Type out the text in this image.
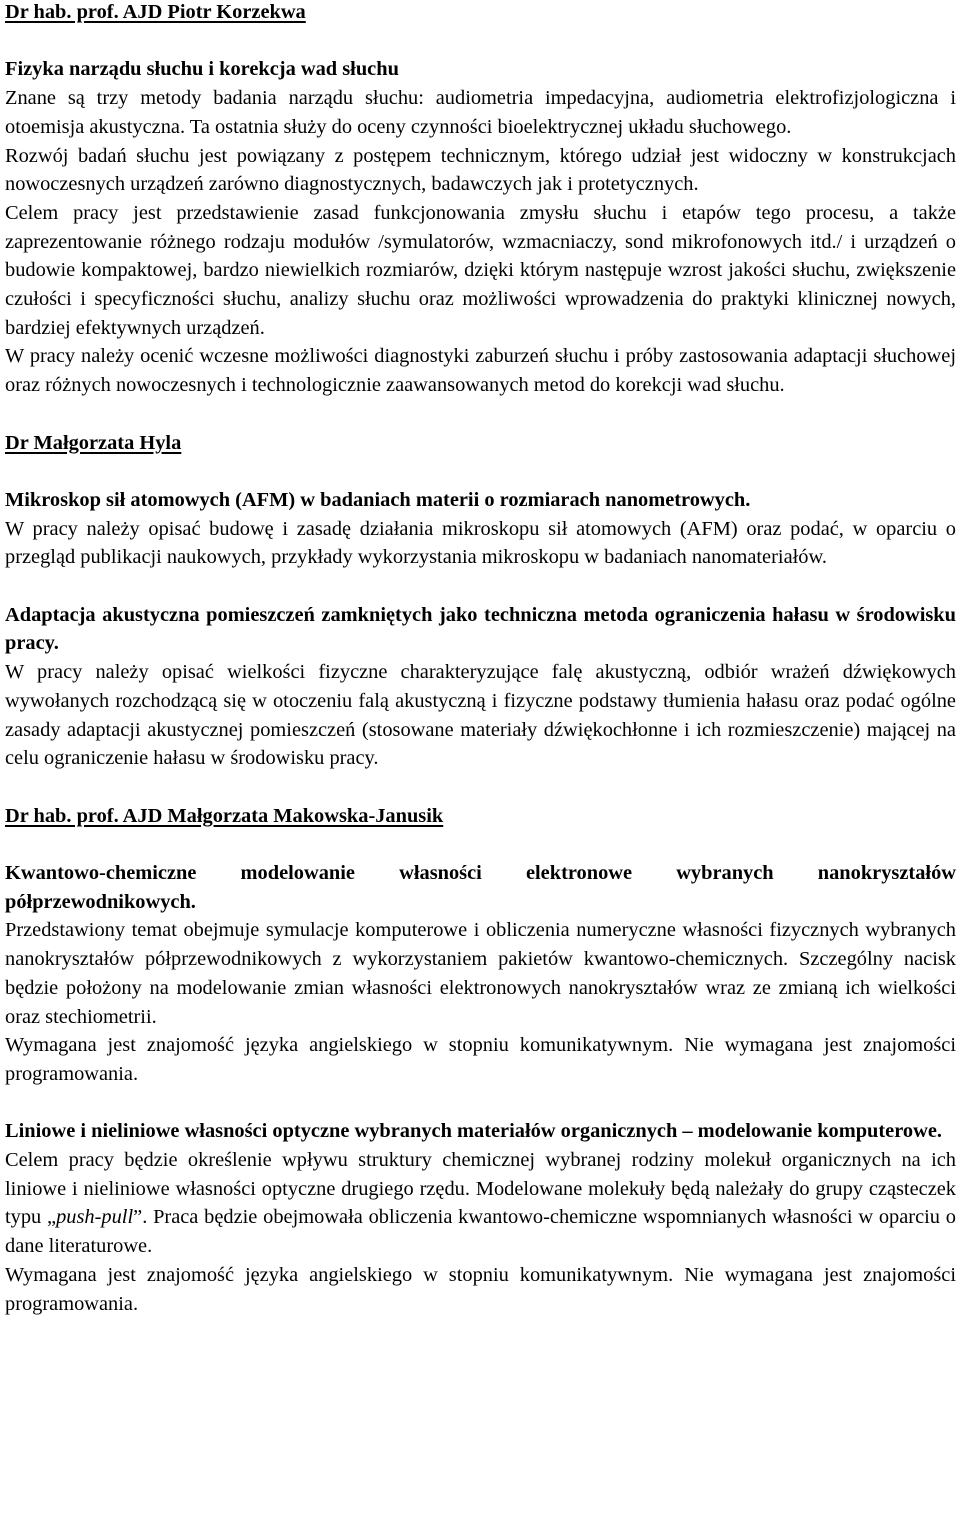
Dr hab. prof. AJD Piotr Korzekwa

Fizyka narządu słuchu i korekcja wad słuchu

Znane są trzy metody badania narządu słuchu: audiometria impedacyjna, audiometria elektrofizjologiczna i otoemisja akustyczna. Ta ostatnia służy do oceny czynności bioelektrycznej układu słuchowego.

Rozwój badań słuchu jest powiązany z postępem technicznym, którego udział jest widoczny w konstrukcjach nowoczesnych urządzeń zarówno diagnostycznych, badawczych jak i protetycznych.

Celem pracy jest przedstawienie zasad funkcjonowania zmysłu słuchu i etapów tego procesu, a także zaprezentowanie różnego rodzaju modułów /symulatorów, wzmacniaczy, sond mikrofonowych itd./ i urządzeń o budowie kompaktowej, bardzo niewielkich rozmiarów, dzięki którym następuje wzrost jakości słuchu, zwiększenie czułości i specyficzności słuchu, analizy słuchu oraz możliwości wprowadzenia do praktyki klinicznej nowych, bardziej efektywnych urządzeń.

W pracy należy ocenić wczesne możliwości diagnostyki zaburzeń słuchu i próby zastosowania adaptacji słuchowej oraz różnych nowoczesnych i technologicznie zaawansowanych metod do korekcji wad słuchu.

Dr Małgorzata Hyla

Mikroskop sił atomowych (AFM) w badaniach materii o rozmiarach nanometrowych.

W pracy należy opisać budowę i zasadę działania mikroskopu sił atomowych (AFM) oraz podać, w oparciu o przegląd publikacji naukowych, przykłady wykorzystania mikroskopu w badaniach nanomateriałów.

Adaptacja akustyczna pomieszczeń zamkniętych jako techniczna metoda ograniczenia hałasu w środowisku pracy.

W pracy należy opisać wielkości fizyczne charakteryzujące falę akustyczną, odbiór wrażeń dźwiękowych wywołanych rozchodzącą się w otoczeniu falą akustyczną i fizyczne podstawy tłumienia hałasu oraz podać ogólne zasady adaptacji akustycznej pomieszczeń (stosowane materiały dźwiękochłonne i ich rozmieszczenie) mającej na celu ograniczenie hałasu w środowisku pracy.

Dr hab. prof. AJD Małgorzata Makowska-Janusik

Kwantowo-chemiczne modelowanie własności elektronowe wybranych nanokryształów półprzewodnikowych.

Przedstawiony temat obejmuje symulacje komputerowe i obliczenia numeryczne własności fizycznych wybranych nanokryształów półprzewodnikowych z wykorzystaniem pakietów kwantowo-chemicznych. Szczególny nacisk będzie położony na modelowanie zmian własności elektronowych nanokryształów wraz ze zmianą ich wielkości oraz stechiometrii.

Wymagana jest znajomość języka angielskiego w stopniu komunikatywnym. Nie wymagana jest znajomości programowania.

Liniowe i nieliniowe własności optyczne wybranych materiałów organicznych – modelowanie komputerowe.

Celem pracy będzie określenie wpływu struktury chemicznej wybranej rodziny molekuł organicznych na ich liniowe i nieliniowe własności optyczne drugiego rzędu. Modelowane molekuły będą należały do grupy cząsteczek typu „push-pull”. Praca będzie obejmowała obliczenia kwantowo-chemiczne wspomnianych własności w oparciu o dane literaturowe.

Wymagana jest znajomość języka angielskiego w stopniu komunikatywnym. Nie wymagana jest znajomości programowania.
